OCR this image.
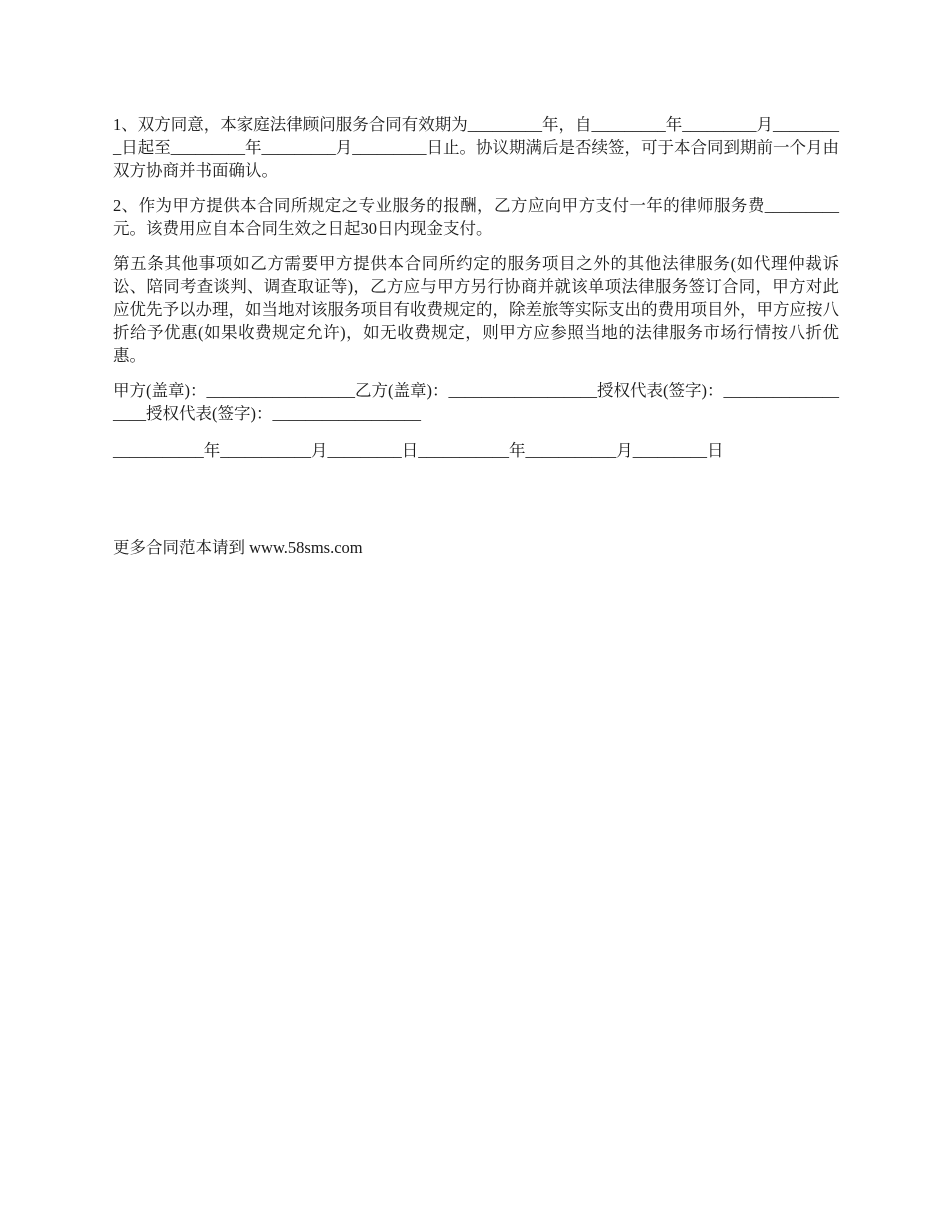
1、双方同意，本家庭法律顾问服务合同有效期为_________年，自_________年_________月_________日起至_________年_________月_________日止。协议期满后是否续签，可于本合同到期前一个月由双方协商并书面确认。

2、作为甲方提供本合同所规定之专业服务的报酬，乙方应向甲方支付一年的律师服务费_________元。该费用应自本合同生效之日起30日内现金支付。

第五条其他事项如乙方需要甲方提供本合同所约定的服务项目之外的其他法律服务(如代理仲裁诉讼、陪同考查谈判、调查取证等)，乙方应与甲方另行协商并就该单项法律服务签订合同，甲方对此应优先予以办理，如当地对该服务项目有收费规定的，除差旅等实际支出的费用项目外，甲方应按八折给予优惠(如果收费规定允许)，如无收费规定，则甲方应参照当地的法律服务市场行情按八折优惠。

甲方(盖章)：__________________乙方(盖章)：__________________授权代表(签字)：__________________授权代表(签字)：__________________

___________年___________月_________日___________年___________月_________日

更多合同范本请到 www.58sms.com
